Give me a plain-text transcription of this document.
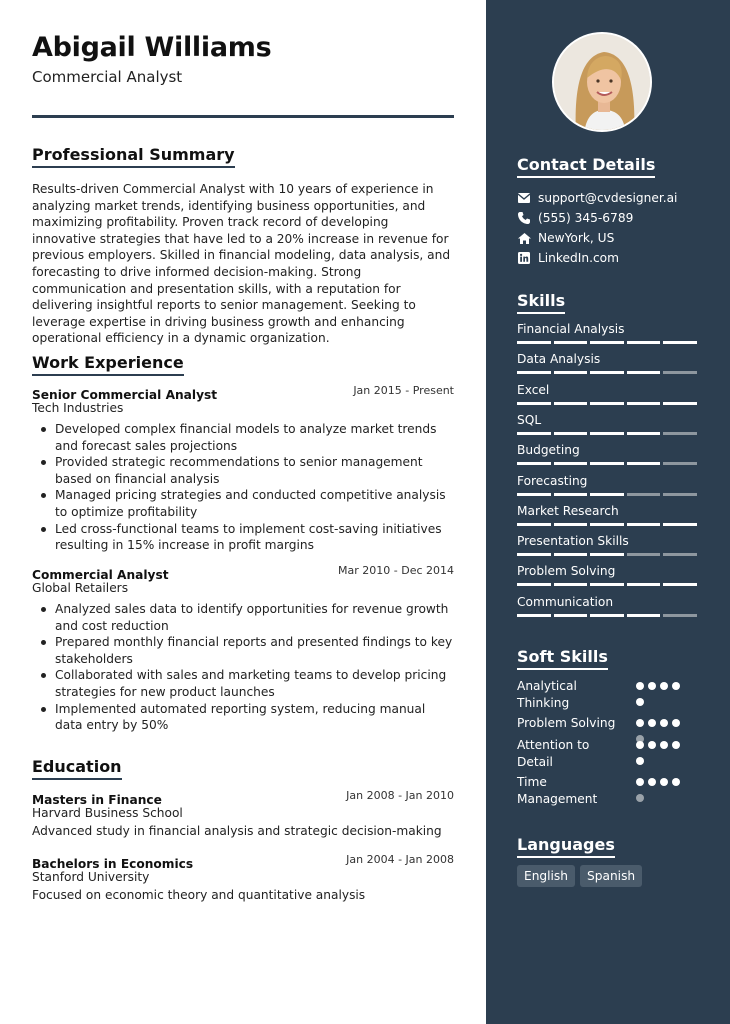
Abigail Williams
Commercial Analyst
Professional Summary
Results-driven Commercial Analyst with 10 years of experience in analyzing market trends, identifying business opportunities, and maximizing profitability. Proven track record of developing innovative strategies that have led to a 20% increase in revenue for previous employers. Skilled in financial modeling, data analysis, and forecasting to drive informed decision-making. Strong communication and presentation skills, with a reputation for delivering insightful reports to senior management. Seeking to leverage expertise in driving business growth and enhancing operational efficiency in a dynamic organization.
Work Experience
Senior Commercial Analyst	Jan 2015 - Present
Tech Industries
Developed complex financial models to analyze market trends and forecast sales projections
Provided strategic recommendations to senior management based on financial analysis
Managed pricing strategies and conducted competitive analysis to optimize profitability
Led cross-functional teams to implement cost-saving initiatives resulting in 15% increase in profit margins
Commercial Analyst	Mar 2010 - Dec 2014
Global Retailers
Analyzed sales data to identify opportunities for revenue growth and cost reduction
Prepared monthly financial reports and presented findings to key stakeholders
Collaborated with sales and marketing teams to develop pricing strategies for new product launches
Implemented automated reporting system, reducing manual data entry by 50%
Education
Masters in Finance	Jan 2008 - Jan 2010
Harvard Business School
Advanced study in financial analysis and strategic decision-making
Bachelors in Economics	Jan 2004 - Jan 2008
Stanford University
Focused on economic theory and quantitative analysis
Contact Details
support@cvdesigner.ai
(555) 345-6789
NewYork, US
LinkedIn.com
Skills
Financial Analysis
Data Analysis
Excel
SQL
Budgeting
Forecasting
Market Research
Presentation Skills
Problem Solving
Communication
Soft Skills
Analytical Thinking
Problem Solving
Attention to Detail
Time Management
Languages
English	Spanish
